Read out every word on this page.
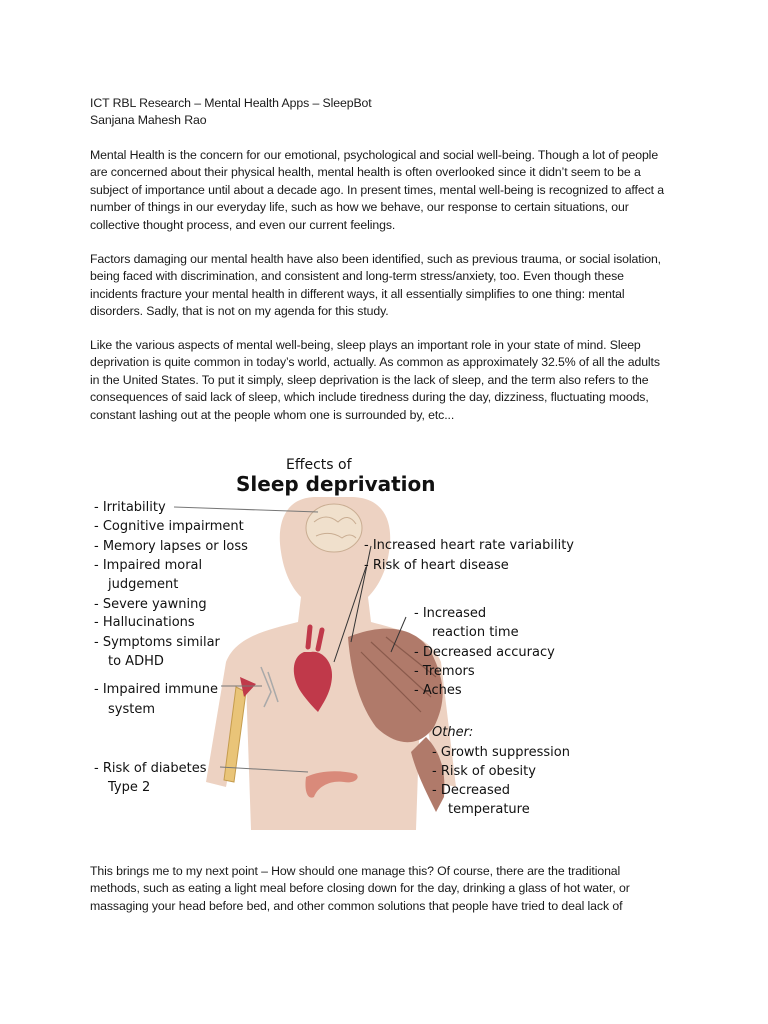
ICT RBL Research – Mental Health Apps – SleepBot
Sanjana Mahesh Rao

Mental Health is the concern for our emotional, psychological and social well-being. Though a lot of people are concerned about their physical health, mental health is often overlooked since it didn’t seem to be a subject of importance until about a decade ago. In present times, mental well-being is recognized to affect a number of things in our everyday life, such as how we behave, our response to certain situations, our collective thought process, and even our current feelings.

Factors damaging our mental health have also been identified, such as previous trauma, or social isolation, being faced with discrimination, and consistent and long-term stress/anxiety, too. Even though these incidents fracture your mental health in different ways, it all essentially simplifies to one thing: mental disorders. Sadly, that is not on my agenda for this study.

Like the various aspects of mental well-being, sleep plays an important role in your state of mind. Sleep deprivation is quite common in today’s world, actually. As common as approximately 32.5% of all the adults in the United States. To put it simply, sleep deprivation is the lack of sleep, and the term also refers to the consequences of said lack of sleep, which include tiredness during the day, dizziness, fluctuating moods, constant lashing out at the people whom one is surrounded by, etc...

Effects of
Sleep deprivation
- Irritability
- Cognitive impairment
- Memory lapses or loss
- Impaired moral
judgement
- Severe yawning
- Hallucinations
- Symptoms similar
to ADHD
- Impaired immune
system
- Risk of diabetes
Type 2
- Increased heart rate variability
- Risk of heart disease
- Increased
reaction time
- Decreased accuracy
- Tremors
- Aches
Other:
- Growth suppression
- Risk of obesity
- Decreased
temperature

This brings me to my next point – How should one manage this? Of course, there are the traditional methods, such as eating a light meal before closing down for the day, drinking a glass of hot water, or massaging your head before bed, and other common solutions that people have tried to deal lack of
